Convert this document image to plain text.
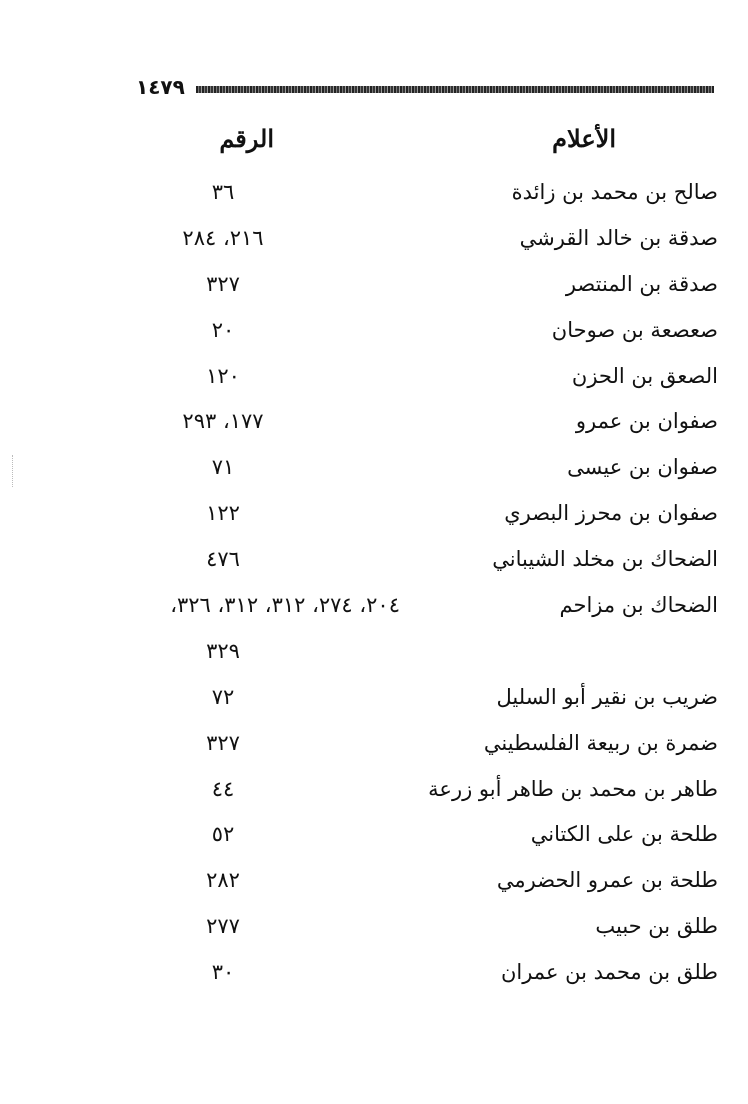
١٤٧٩
الأعلام
الرقم
صالح بن محمد بن زائدة
٣٦
صدقة بن خالد القرشي
٢١٦، ٢٨٤
صدقة بن المنتصر
٣٢٧
صعصعة بن صوحان
٢٠
الصعق بن الحزن
١٢٠
صفوان بن عمرو
١٧٧، ٢٩٣
صفوان بن عيسى
٧١
صفوان بن محرز البصري
١٢٢
الضحاك بن مخلد الشيباني
٤٧٦
الضحاك بن مزاحم
٢٠٤، ٢٧٤، ٣١٢، ٣١٢، ٣٢٦،
٣٢٩
ضريب بن نقير أبو السليل
٧٢
ضمرة بن ربيعة الفلسطيني
٣٢٧
طاهر بن محمد بن طاهر أبو زرعة
٤٤
طلحة بن على الكتاني
٥٢
طلحة بن عمرو الحضرمي
٢٨٢
طلق بن حبيب
٢٧٧
طلق بن محمد بن عمران
٣٠
